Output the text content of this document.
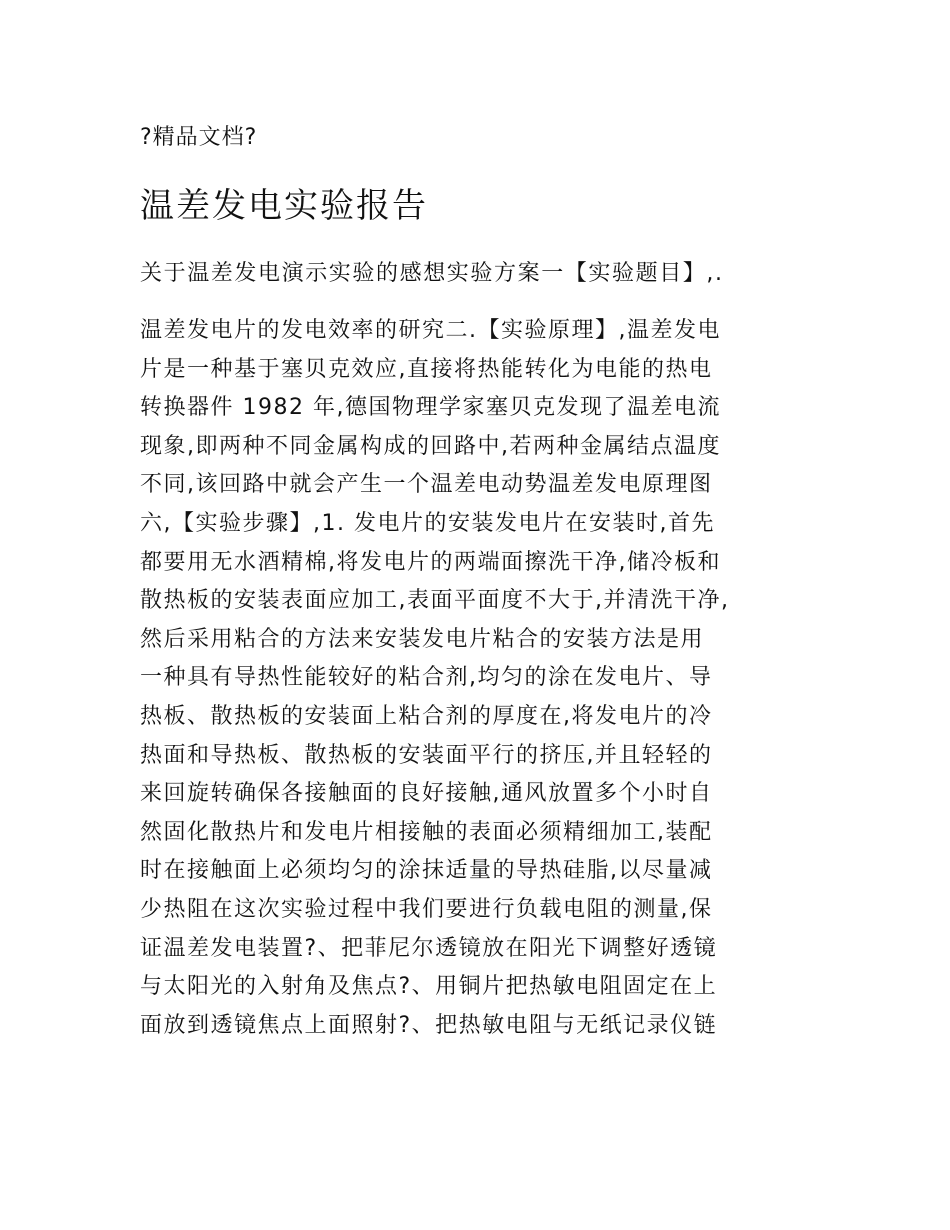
?精品文档?
温差发电实验报告
关于温差发电演示实验的感想实验方案一【实验题目】,.
温差发电片的发电效率的研究二.【实验原理】,温差发电
片是一种基于塞贝克效应,直接将热能转化为电能的热电
转换器件 1982 年,德国物理学家塞贝克发现了温差电流
现象,即两种不同金属构成的回路中,若两种金属结点温度
不同,该回路中就会产生一个温差电动势温差发电原理图
六,【实验步骤】,1. 发电片的安装发电片在安装时,首先
都要用无水酒精棉,将发电片的两端面擦洗干净,储冷板和
散热板的安装表面应加工,表面平面度不大于,并清洗干净,
然后采用粘合的方法来安装发电片粘合的安装方法是用
一种具有导热性能较好的粘合剂,均匀的涂在发电片、导
热板、散热板的安装面上粘合剂的厚度在,将发电片的冷
热面和导热板、散热板的安装面平行的挤压,并且轻轻的
来回旋转确保各接触面的良好接触,通风放置多个小时自
然固化散热片和发电片相接触的表面必须精细加工,装配
时在接触面上必须均匀的涂抹适量的导热硅脂,以尽量减
少热阻在这次实验过程中我们要进行负载电阻的测量,保
证温差发电装置?、把菲尼尔透镜放在阳光下调整好透镜
与太阳光的入射角及焦点?、用铜片把热敏电阻固定在上
面放到透镜焦点上面照射?、把热敏电阻与无纸记录仪链
